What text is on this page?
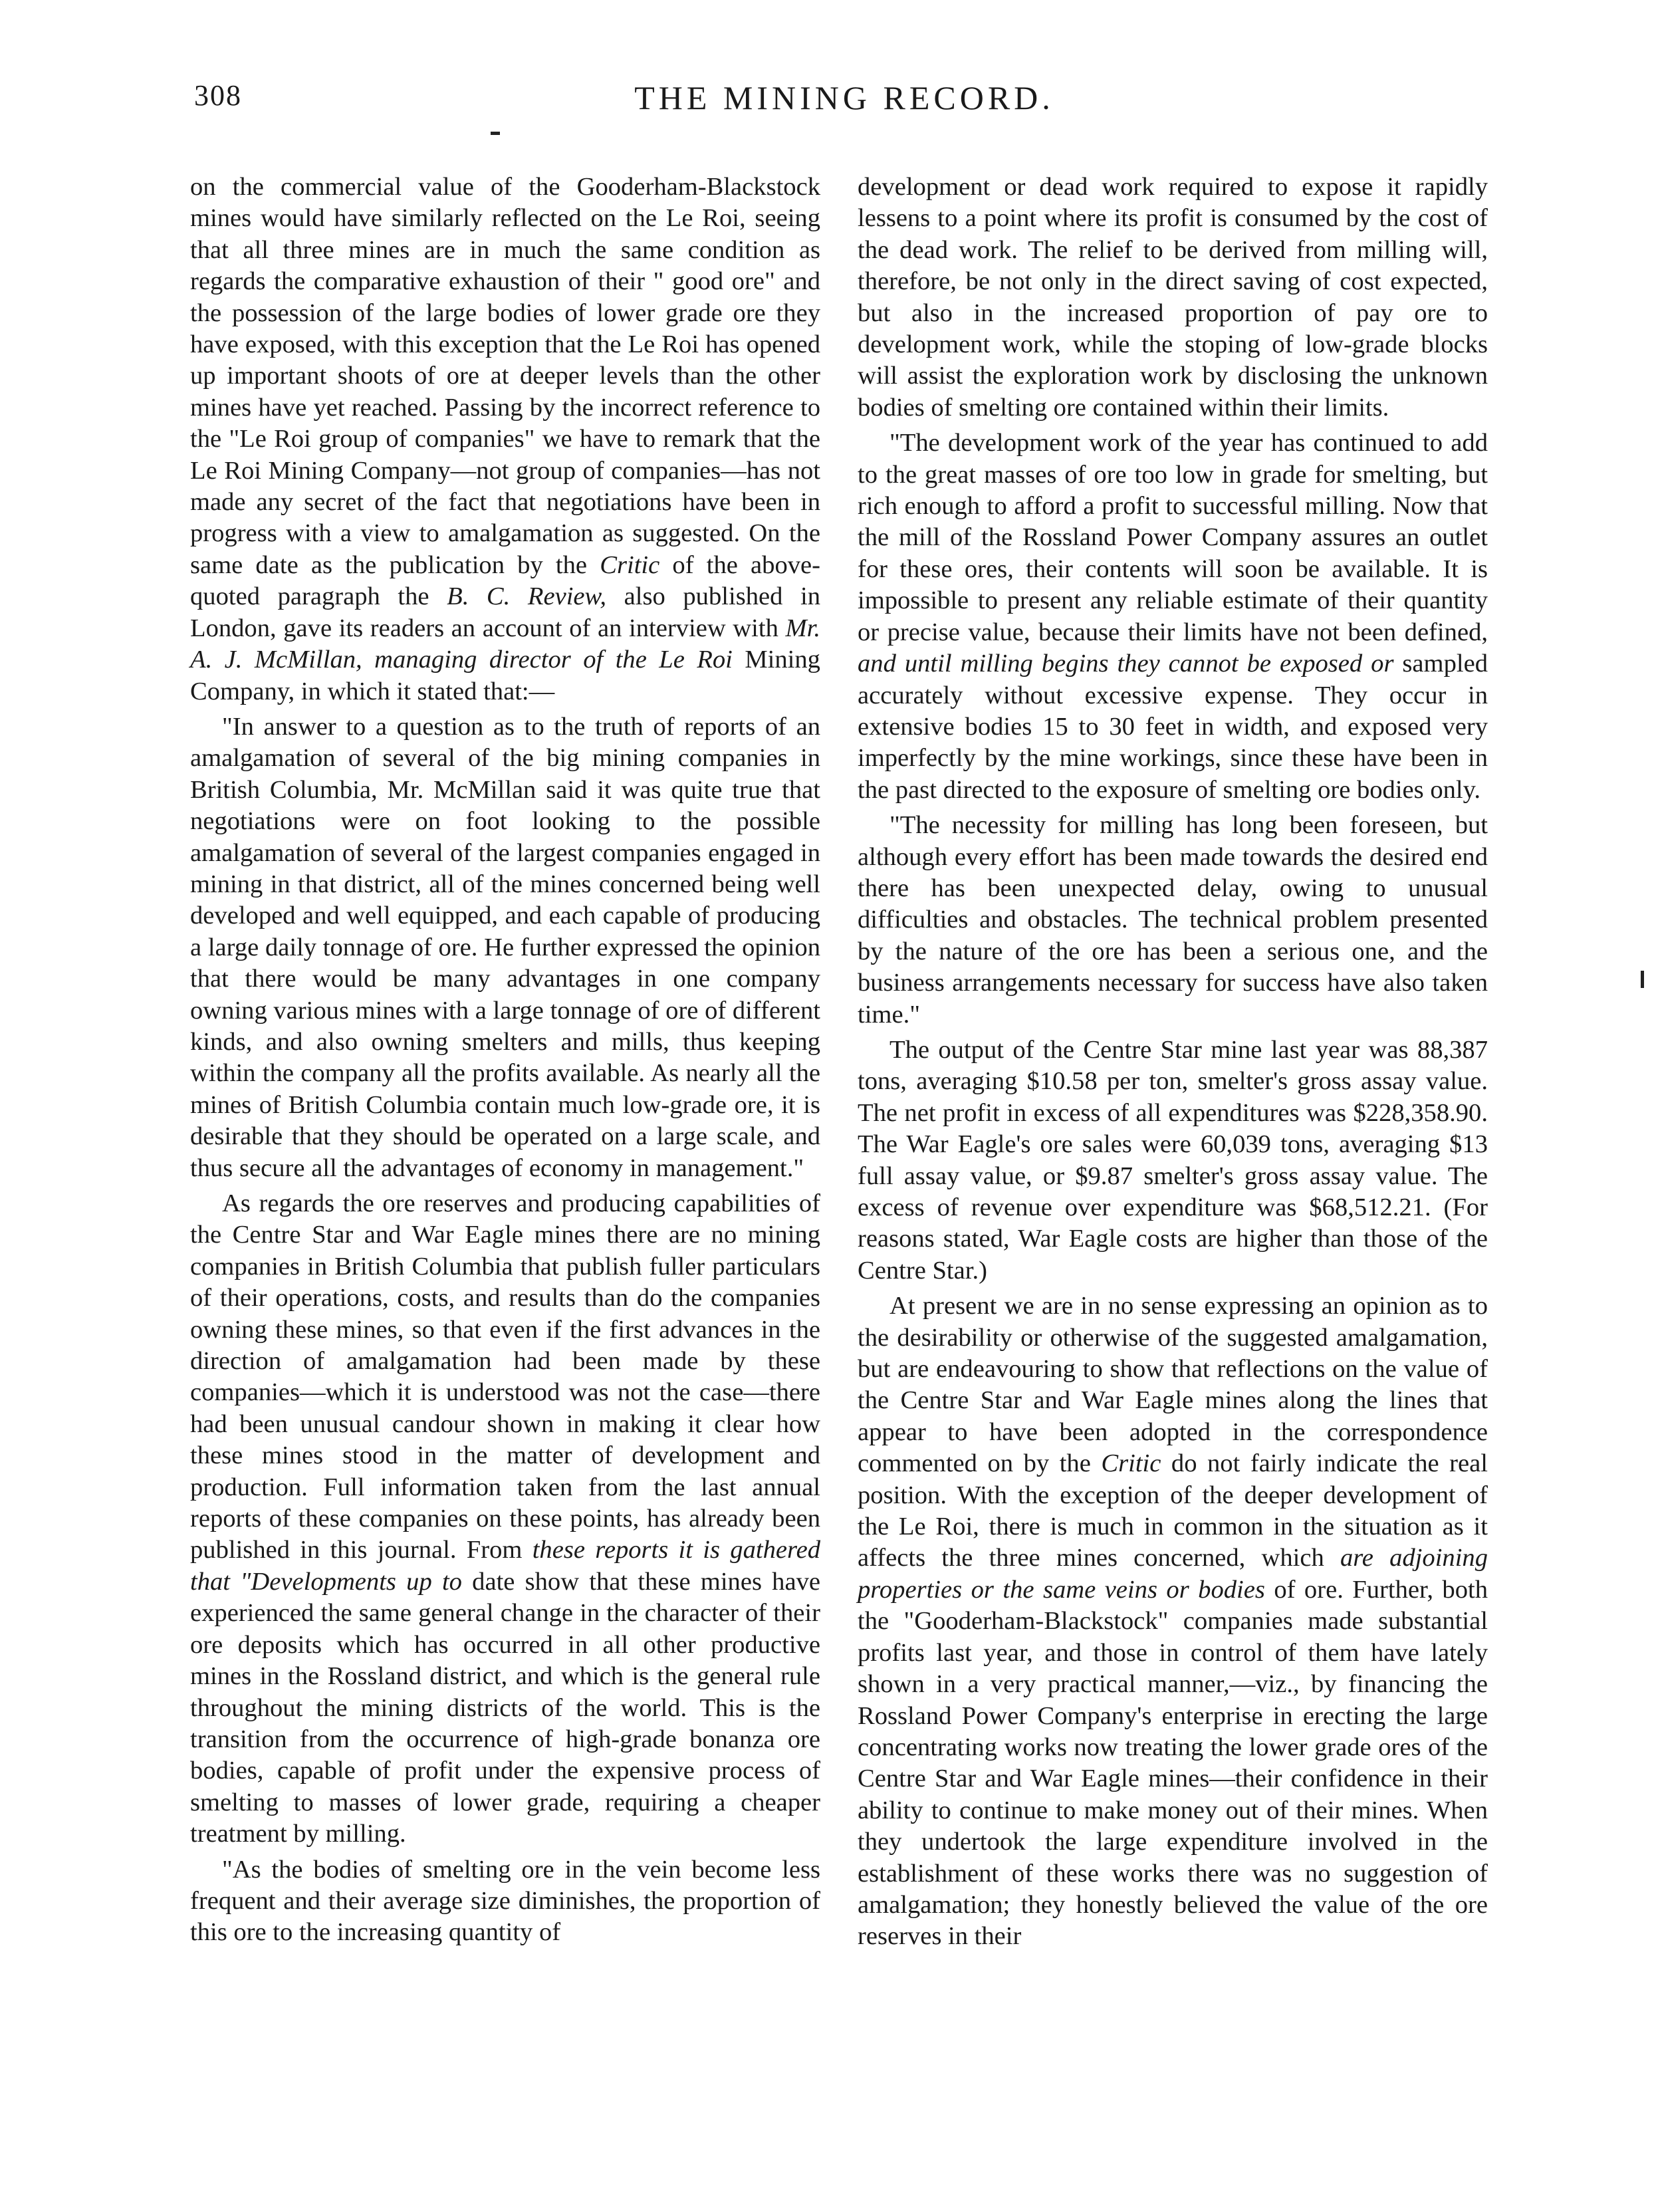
308	THE MINING RECORD.

on the commercial value of the Gooderham-Blackstock mines would have similarly reflected on the Le Roi, seeing that all three mines are in much the same condition as regards the comparative exhaustion of their " good ore" and the possession of the large bodies of lower grade ore they have exposed, with this exception that the Le Roi has opened up important shoots of ore at deeper levels than the other mines have yet reached. Passing by the incorrect reference to the "Le Roi group of companies" we have to remark that the Le Roi Mining Company—not group of companies—has not made any secret of the fact that negotiations have been in progress with a view to amalgamation as suggested. On the same date as the publication by the Critic of the above-quoted paragraph the B. C. Review, also published in London, gave its readers an account of an interview with Mr. A. J. McMillan, managing director of the Le Roi Mining Company, in which it stated that:—

"In answer to a question as to the truth of reports of an amalgamation of several of the big mining companies in British Columbia, Mr. McMillan said it was quite true that negotiations were on foot looking to the possible amalgamation of several of the largest companies engaged in mining in that district, all of the mines concerned being well developed and well equipped, and each capable of producing a large daily tonnage of ore. He further expressed the opinion that there would be many advantages in one company owning various mines with a large tonnage of ore of different kinds, and also owning smelters and mills, thus keeping within the company all the profits available. As nearly all the mines of British Columbia contain much low-grade ore, it is desirable that they should be operated on a large scale, and thus secure all the advantages of economy in management."

As regards the ore reserves and producing capabilities of the Centre Star and War Eagle mines there are no mining companies in British Columbia that publish fuller particulars of their operations, costs, and results than do the companies owning these mines, so that even if the first advances in the direction of amalgamation had been made by these companies—which it is understood was not the case—there had been unusual candour shown in making it clear how these mines stood in the matter of development and production. Full information taken from the last annual reports of these companies on these points, has already been published in this journal. From these reports it is gathered that "Developments up to date show that these mines have experienced the same general change in the character of their ore deposits which has occurred in all other productive mines in the Rossland district, and which is the general rule throughout the mining districts of the world. This is the transition from the occurrence of high-grade bonanza ore bodies, capable of profit under the expensive process of smelting to masses of lower grade, requiring a cheaper treatment by milling.

"As the bodies of smelting ore in the vein become less frequent and their average size diminishes, the proportion of this ore to the increasing quantity of

development or dead work required to expose it rapidly lessens to a point where its profit is consumed by the cost of the dead work. The relief to be derived from milling will, therefore, be not only in the direct saving of cost expected, but also in the increased proportion of pay ore to development work, while the stoping of low-grade blocks will assist the exploration work by disclosing the unknown bodies of smelting ore contained within their limits.

"The development work of the year has continued to add to the great masses of ore too low in grade for smelting, but rich enough to afford a profit to successful milling. Now that the mill of the Rossland Power Company assures an outlet for these ores, their contents will soon be available. It is impossible to present any reliable estimate of their quantity or precise value, because their limits have not been defined, and until milling begins they cannot be exposed or sampled accurately without excessive expense. They occur in extensive bodies 15 to 30 feet in width, and exposed very imperfectly by the mine workings, since these have been in the past directed to the exposure of smelting ore bodies only.

"The necessity for milling has long been foreseen, but although every effort has been made towards the desired end there has been unexpected delay, owing to unusual difficulties and obstacles. The technical problem presented by the nature of the ore has been a serious one, and the business arrangements necessary for success have also taken time."

The output of the Centre Star mine last year was 88,387 tons, averaging $10.58 per ton, smelter's gross assay value. The net profit in excess of all expenditures was $228,358.90. The War Eagle's ore sales were 60,039 tons, averaging $13 full assay value, or $9.87 smelter's gross assay value. The excess of revenue over expenditure was $68,512.21. (For reasons stated, War Eagle costs are higher than those of the Centre Star.)

At present we are in no sense expressing an opinion as to the desirability or otherwise of the suggested amalgamation, but are endeavouring to show that reflections on the value of the Centre Star and War Eagle mines along the lines that appear to have been adopted in the correspondence commented on by the Critic do not fairly indicate the real position. With the exception of the deeper development of the Le Roi, there is much in common in the situation as it affects the three mines concerned, which are adjoining properties or the same veins or bodies of ore. Further, both the "Gooderham-Blackstock" companies made substantial profits last year, and those in control of them have lately shown in a very practical manner,—viz., by financing the Rossland Power Company's enterprise in erecting the large concentrating works now treating the lower grade ores of the Centre Star and War Eagle mines—their confidence in their ability to continue to make money out of their mines. When they undertook the large expenditure involved in the establishment of these works there was no suggestion of amalgamation; they honestly believed the value of the ore reserves in their
